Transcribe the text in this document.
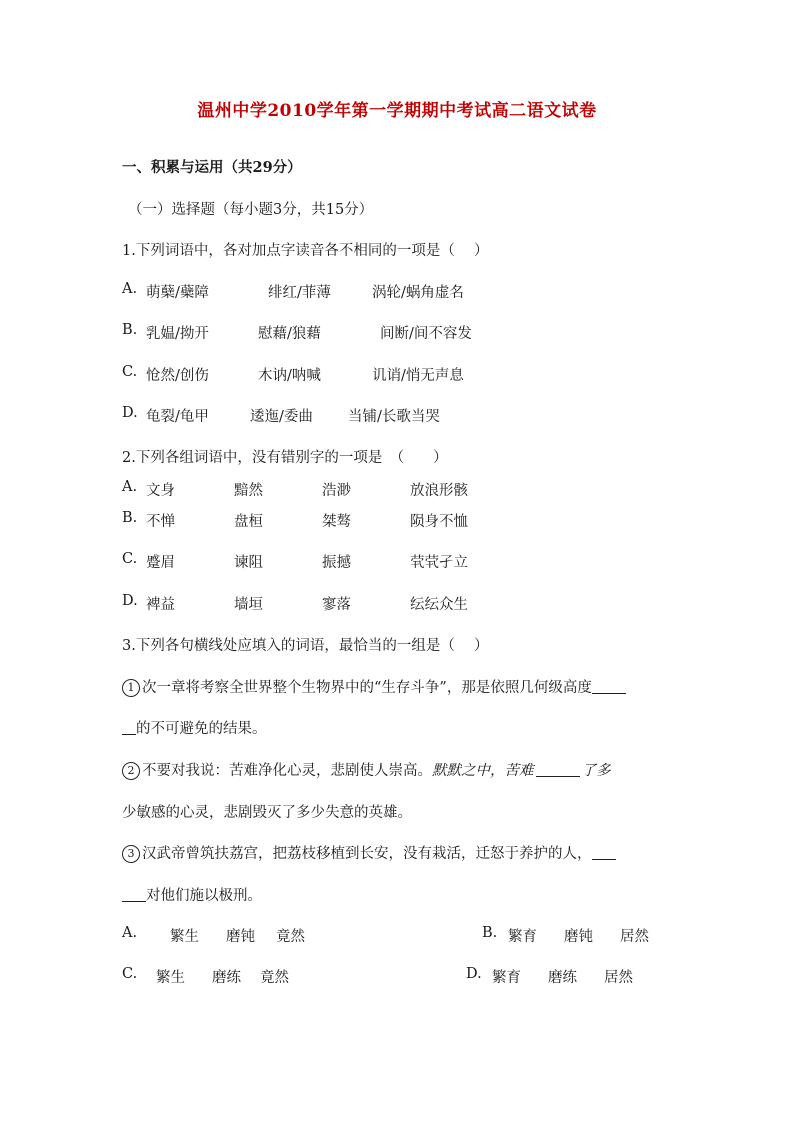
温州中学2010学年第一学期期中考试高二语文试卷
一、积累与运用（共29分）
（一）选择题（每小题3分，共15分）
1.下列词语中，各对加点字读音各不相同的一项是（　 ）
A. 萌蘖/蘗障	绯红/菲薄	涡轮/蜗角虚名
B. 乳媪/拗开	慰藉/狼藉	间断/间不容发
C. 怆然/创伤	木讷/呐喊	讥诮/悄无声息
D. 龟裂/龟甲	逶迤/委曲 当铺/长歌当哭
2.下列各组词语中，没有错别字的一项是　（　　）
A. 文身	黯然	浩渺	放浪形骸
B. 不惮	盘桓	桀骜	陨身不恤
C. 蹙眉	谏阻	振撼	茕茕孑立
D. 裨益	墙垣	寥落	纭纭众生
3.下列各句横线处应填入的词语，最恰当的一组是（　 ）
1 次一章将考察全世界整个生物界中的“生存斗争”，那是依照几何级高度
的不可避免的结果。
2 不要对我说：苦难净化心灵，悲剧使人崇高。默默之中，苦难	了多
少敏感的心灵，悲剧毁灭了多少失意的英雄。
3 汉武帝曾筑扶荔宫，把荔枝移植到长安，没有栽活，迁怒于养护的人，
对他们施以极刑。
A. 繁生 磨钝 竟然	B. 繁育 磨钝 居然
C. 繁生 磨练 竟然	D. 繁育 磨练 居然
